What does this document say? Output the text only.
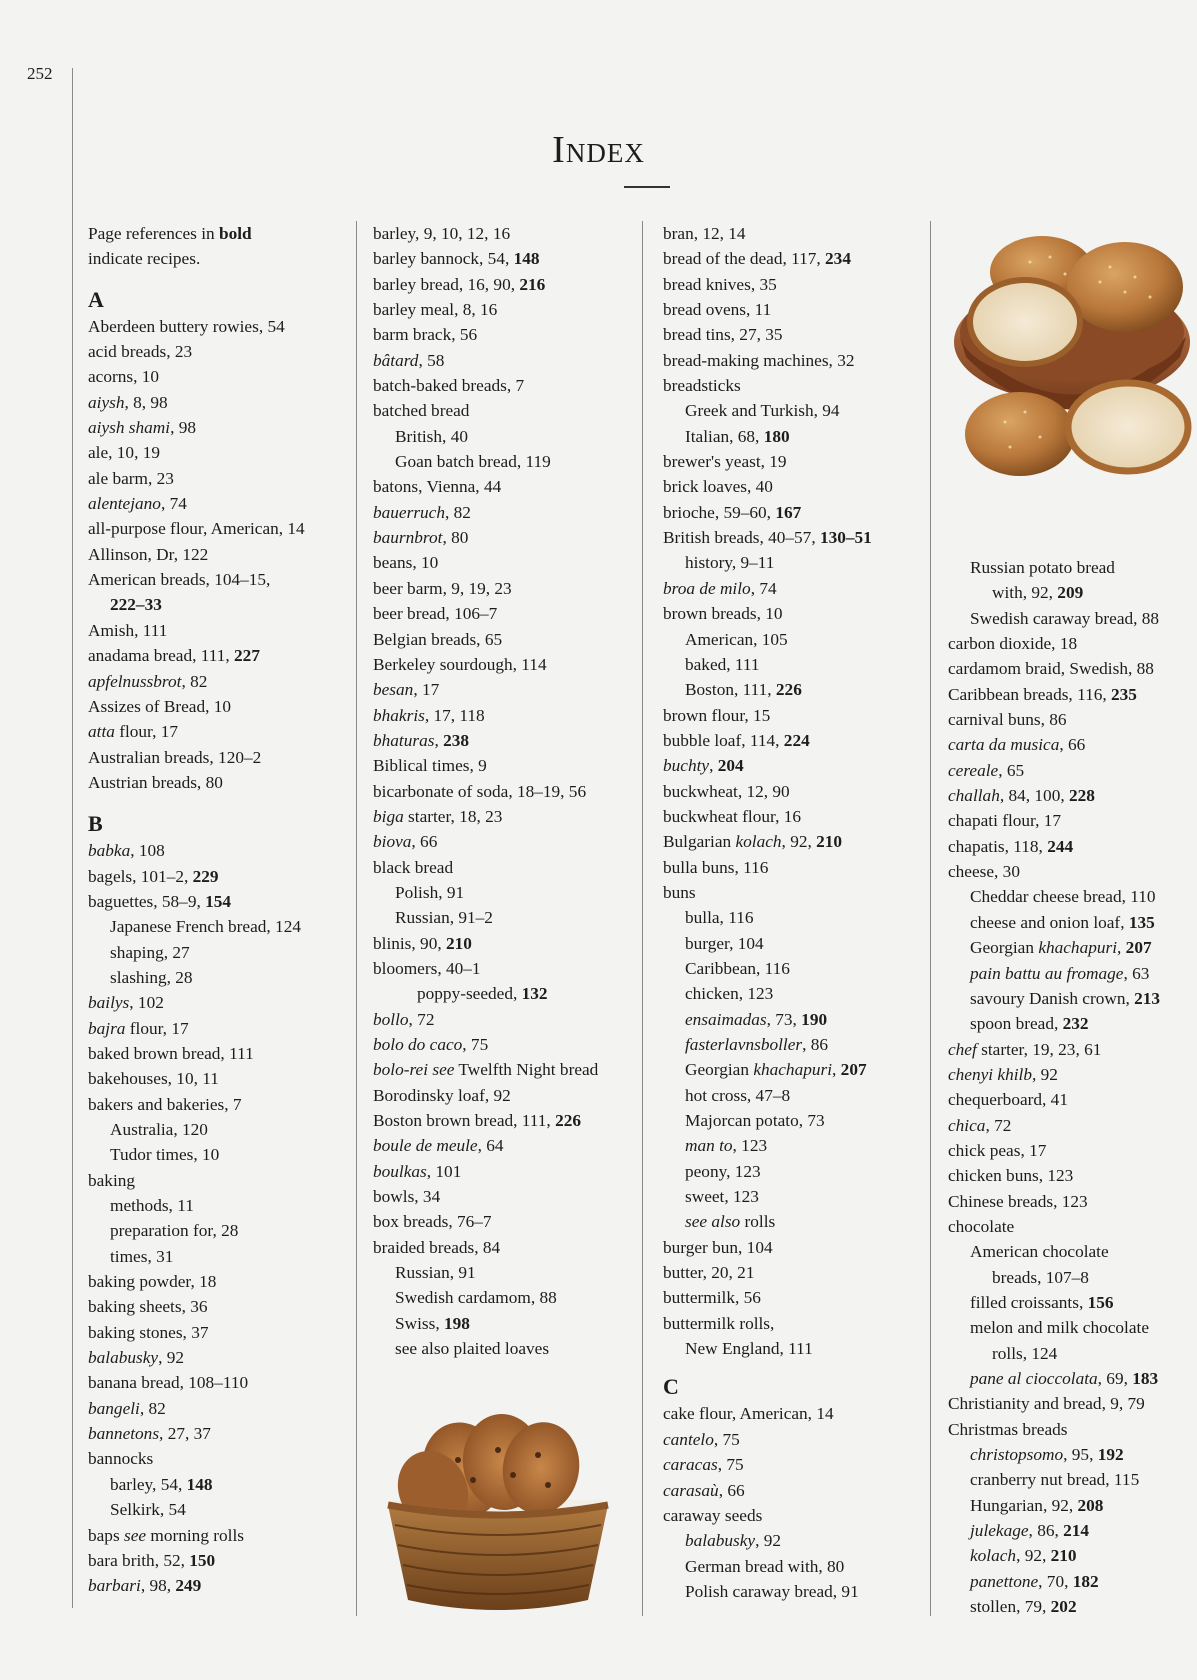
252
Index
Page references in bold
indicate recipes.
A
Aberdeen buttery rowies, 54
acid breads, 23
acorns, 10
aiysh, 8, 98
aiysh shami, 98
ale, 10, 19
ale barm, 23
alentejano, 74
all-purpose flour, American, 14
Allinson, Dr, 122
American breads, 104–15,
222–33
Amish, 111
anadama bread, 111, 227
apfelnussbrot, 82
Assizes of Bread, 10
atta flour, 17
Australian breads, 120–2
Austrian breads, 80
B
babka, 108
bagels, 101–2, 229
baguettes, 58–9, 154
Japanese French bread, 124
shaping, 27
slashing, 28
bailys, 102
bajra flour, 17
baked brown bread, 111
bakehouses, 10, 11
bakers and bakeries, 7
Australia, 120
Tudor times, 10
baking
methods, 11
preparation for, 28
times, 31
baking powder, 18
baking sheets, 36
baking stones, 37
balabusky, 92
banana bread, 108–110
bangeli, 82
bannetons, 27, 37
bannocks
barley, 54, 148
Selkirk, 54
baps see morning rolls
bara brith, 52, 150
barbari, 98, 249
barley, 9, 10, 12, 16
barley bannock, 54, 148
barley bread, 16, 90, 216
barley meal, 8, 16
barm brack, 56
bâtard, 58
batch-baked breads, 7
batched bread
British, 40
Goan batch bread, 119
batons, Vienna, 44
bauerruch, 82
baurnbrot, 80
beans, 10
beer barm, 9, 19, 23
beer bread, 106–7
Belgian breads, 65
Berkeley sourdough, 114
besan, 17
bhakris, 17, 118
bhaturas, 238
Biblical times, 9
bicarbonate of soda, 18–19, 56
biga starter, 18, 23
biova, 66
black bread
Polish, 91
Russian, 91–2
blinis, 90, 210
bloomers, 40–1
poppy-seeded, 132
bollo, 72
bolo do caco, 75
bolo-rei see Twelfth Night bread
Borodinsky loaf, 92
Boston brown bread, 111, 226
boule de meule, 64
boulkas, 101
bowls, 34
box breads, 76–7
braided breads, 84
Russian, 91
Swedish cardamom, 88
Swiss, 198
see also plaited loaves
bran, 12, 14
bread of the dead, 117, 234
bread knives, 35
bread ovens, 11
bread tins, 27, 35
bread-making machines, 32
breadsticks
Greek and Turkish, 94
Italian, 68, 180
brewer's yeast, 19
brick loaves, 40
brioche, 59–60, 167
British breads, 40–57, 130–51
history, 9–11
broa de milo, 74
brown breads, 10
American, 105
baked, 111
Boston, 111, 226
brown flour, 15
bubble loaf, 114, 224
buchty, 204
buckwheat, 12, 90
buckwheat flour, 16
Bulgarian kolach, 92, 210
bulla buns, 116
buns
bulla, 116
burger, 104
Caribbean, 116
chicken, 123
ensaimadas, 73, 190
fasterlavnsboller, 86
Georgian khachapuri, 207
hot cross, 47–8
Majorcan potato, 73
man to, 123
peony, 123
sweet, 123
see also rolls
burger bun, 104
butter, 20, 21
buttermilk, 56
buttermilk rolls,
New England, 111
C
cake flour, American, 14
cantelo, 75
caracas, 75
carasaù, 66
caraway seeds
balabusky, 92
German bread with, 80
Polish caraway bread, 91
Russian potato bread
with, 92, 209
Swedish caraway bread, 88
carbon dioxide, 18
cardamom braid, Swedish, 88
Caribbean breads, 116, 235
carnival buns, 86
carta da musica, 66
cereale, 65
challah, 84, 100, 228
chapati flour, 17
chapatis, 118, 244
cheese, 30
Cheddar cheese bread, 110
cheese and onion loaf, 135
Georgian khachapuri, 207
pain battu au fromage, 63
savoury Danish crown, 213
spoon bread, 232
chef starter, 19, 23, 61
chenyi khilb, 92
chequerboard, 41
chica, 72
chick peas, 17
chicken buns, 123
Chinese breads, 123
chocolate
American chocolate
breads, 107–8
filled croissants, 156
melon and milk chocolate
rolls, 124
pane al cioccolata, 69, 183
Christianity and bread, 9, 79
Christmas breads
christopsomo, 95, 192
cranberry nut bread, 115
Hungarian, 92, 208
julekage, 86, 214
kolach, 92, 210
panettone, 70, 182
stollen, 79, 202
